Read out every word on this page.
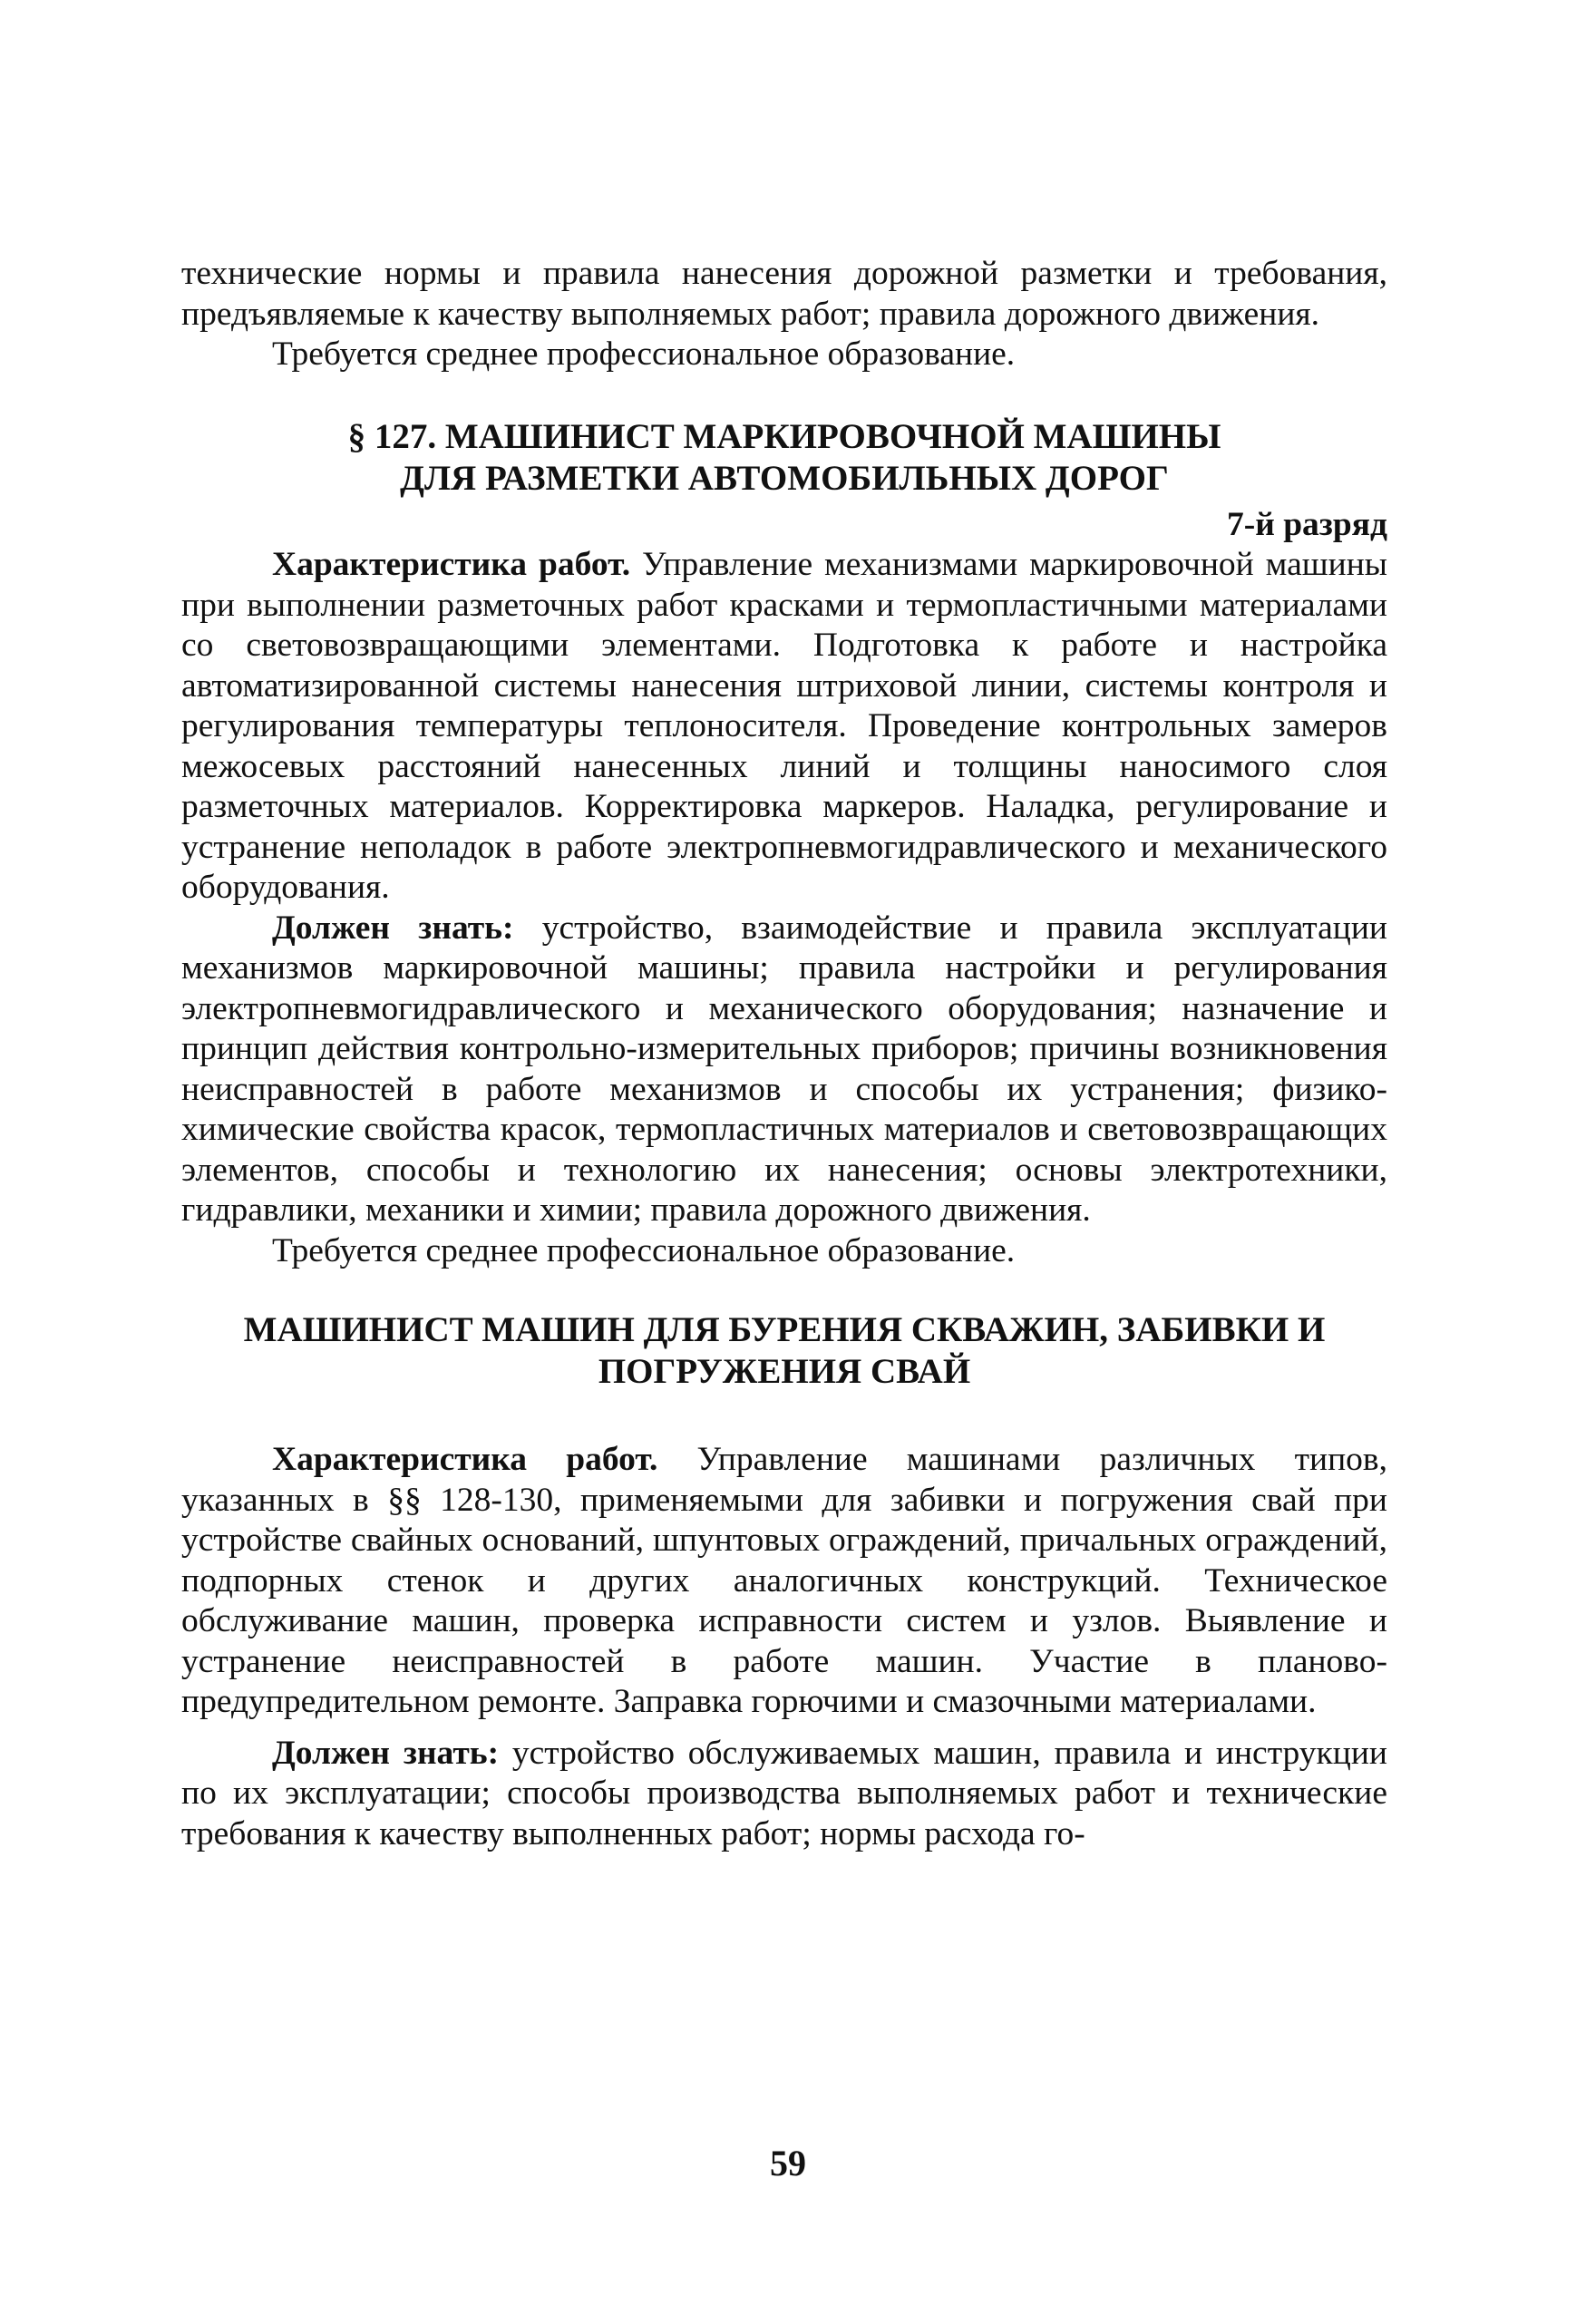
технические нормы и правила нанесения дорожной разметки и требования, предъявляемые к качеству выполняемых работ; правила дорожного движения.

Требуется среднее профессиональное образование.

§ 127. МАШИНИСТ МАРКИРОВОЧНОЙ МАШИНЫ
ДЛЯ РАЗМЕТКИ АВТОМОБИЛЬНЫХ ДОРОГ
7-й разряд

Характеристика работ. Управление механизмами маркировочной машины при выполнении разметочных работ красками и термопластичными материалами со световозвращающими элементами. Подготовка к работе и настройка автоматизированной системы нанесения штриховой линии, системы контроля и регулирования температуры теплоносителя. Проведение контрольных замеров межосевых расстояний нанесенных линий и толщины наносимого слоя разметочных материалов. Корректировка маркеров. Наладка, регулирование и устранение неполадок в работе электропневмогидравлического и механического оборудования.

Должен знать: устройство, взаимодействие и правила эксплуатации механизмов маркировочной машины; правила настройки и регулирования электропневмогидравлического и механического оборудования; назначение и принцип действия контрольно-измерительных приборов; причины возникновения неисправностей в работе механизмов и способы их устранения; физико-химические свойства красок, термопластичных материалов и световозвращающих элементов, способы и технологию их нанесения; основы электротехники, гидравлики, механики и химии; правила дорожного движения.

Требуется среднее профессиональное образование.

МАШИНИСТ МАШИН ДЛЯ БУРЕНИЯ СКВАЖИН, ЗАБИВКИ И
ПОГРУЖЕНИЯ СВАЙ

Характеристика работ. Управление машинами различных типов, указанных в §§ 128-130, применяемыми для забивки и погружения свай при устройстве свайных оснований, шпунтовых ограждений, причальных ограждений, подпорных стенок и других аналогичных конструкций. Техническое обслуживание машин, проверка исправности систем и узлов. Выявление и устранение неисправностей в работе машин. Участие в планово-предупредительном ремонте. Заправка горючими и смазочными материалами.

Должен знать: устройство обслуживаемых машин, правила и инструкции по их эксплуатации; способы производства выполняемых работ и технические требования к качеству выполненных работ; нормы расхода го-

59
